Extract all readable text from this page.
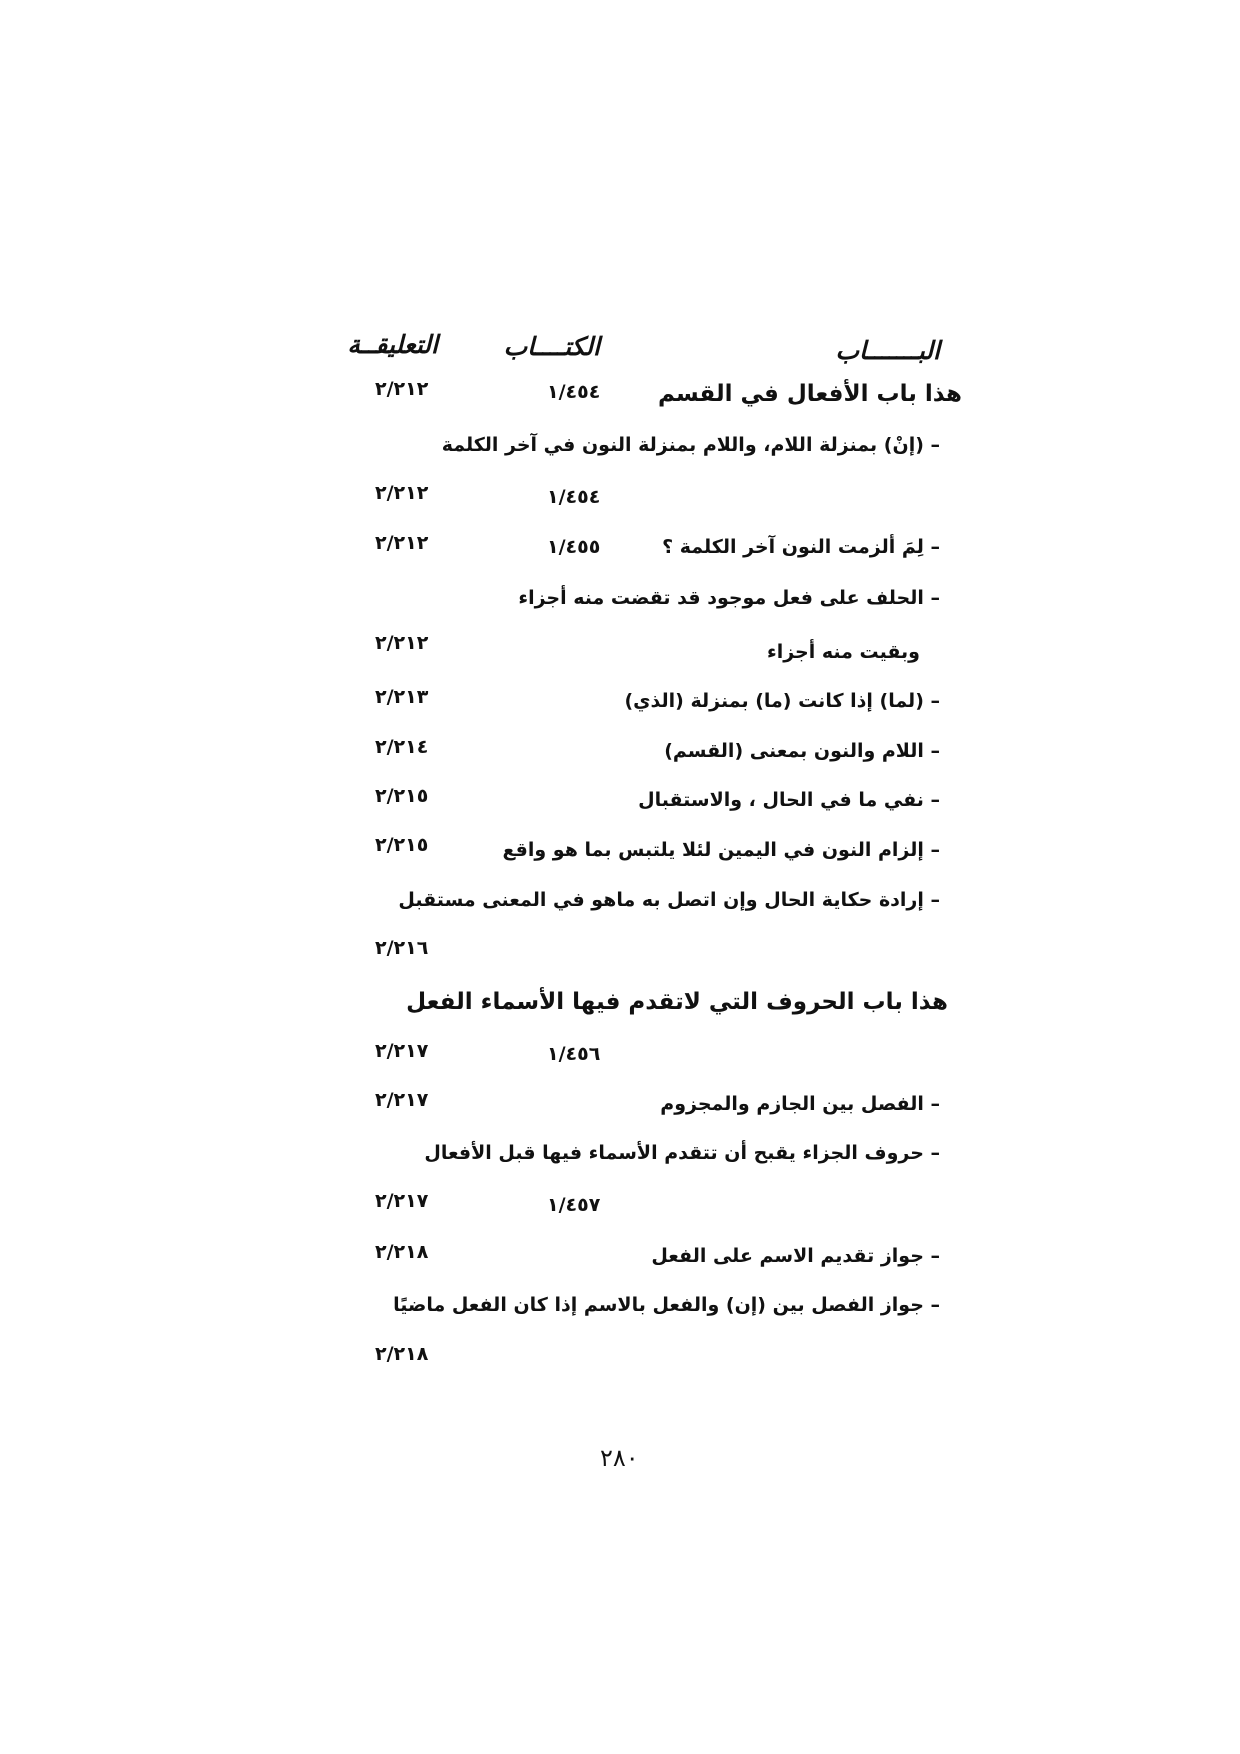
البـــــــاب
الكتــــاب
التعليقــة
هذا باب الأفعال في القسم
١/٤٥٤
٢/٢١٢
– (إنْ) بمنزلة اللام، واللام بمنزلة النون في آخر الكلمة
١/٤٥٤
٢/٢١٢
– لِمَ ألزمت النون آخر الكلمة ؟
١/٤٥٥
٢/٢١٢
– الحلف على فعل موجود قد تقضت منه أجزاء
وبقيت منه أجزاء
٢/٢١٢
– (لما) إذا كانت (ما) بمنزلة (الذي)
٢/٢١٣
– اللام والنون بمعنى (القسم)
٢/٢١٤
– نفي ما في الحال ، والاستقبال
٢/٢١٥
– إلزام النون في اليمين لئلا يلتبس بما هو واقع
٢/٢١٥
– إرادة حكاية الحال وإن اتصل به ماهو في المعنى مستقبل
٢/٢١٦
هذا باب الحروف التي لاتقدم فيها الأسماء الفعل
١/٤٥٦
٢/٢١٧
– الفصل بين الجازم والمجزوم
٢/٢١٧
– حروف الجزاء يقبح أن تتقدم الأسماء فيها قبل الأفعال
١/٤٥٧
٢/٢١٧
– جواز تقديم الاسم على الفعل
٢/٢١٨
– جواز الفصل بين (إن) والفعل بالاسم إذا كان الفعل ماضيًا
٢/٢١٨
٢٨٠
